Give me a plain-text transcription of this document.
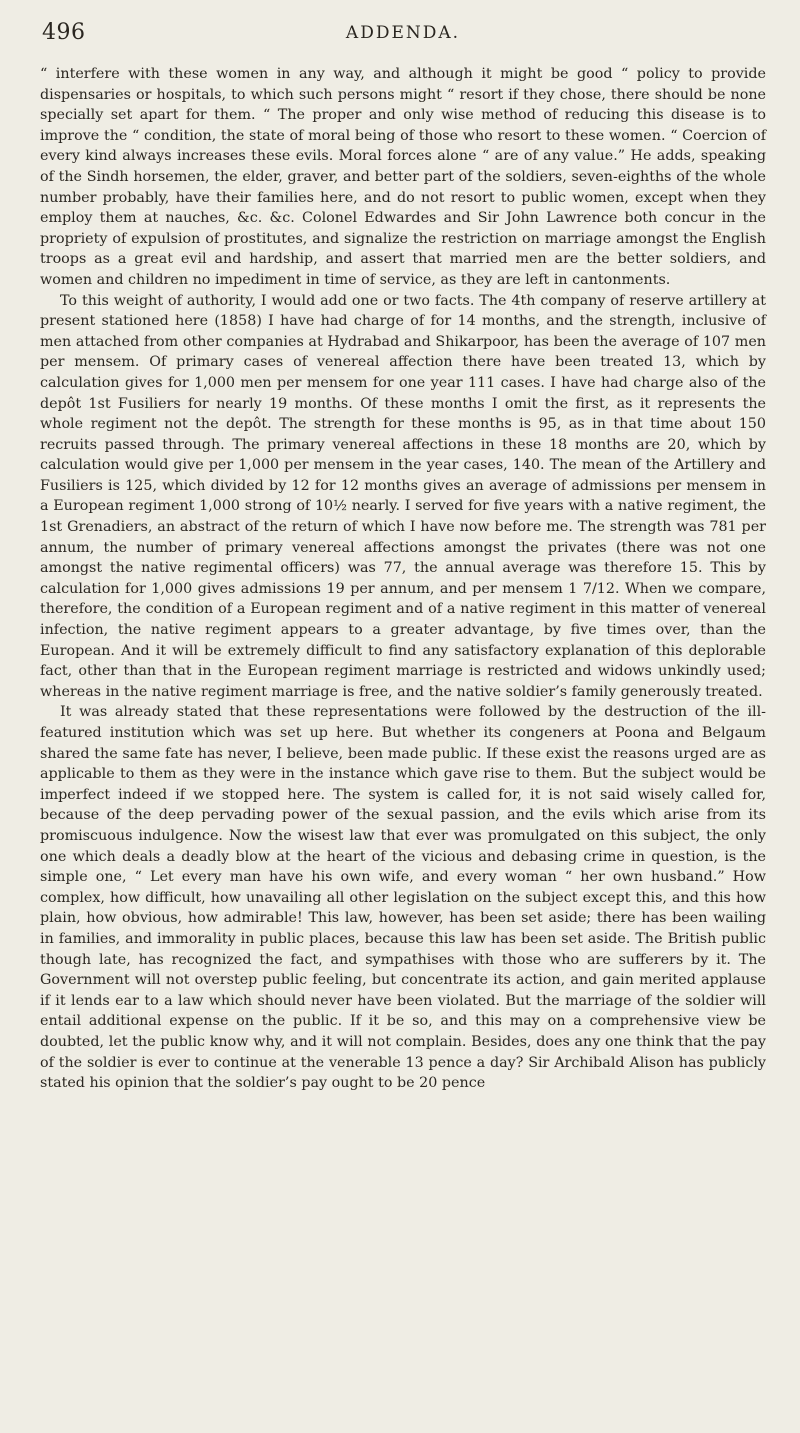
496	ADDENDA.

“ interfere with these women in any way, and although it might be good “ policy to provide dispensaries or hospitals, to which such persons might “ resort if they chose, there should be none specially set apart for them. “ The proper and only wise method of reducing this disease is to improve the “ condition, the state of moral being of those who resort to these women. “ Coercion of every kind always increases these evils. Moral forces alone “ are of any value.” He adds, speaking of the Sindh horsemen, the elder, graver, and better part of the soldiers, seven-eighths of the whole number probably, have their families here, and do not resort to public women, except when they employ them at nauches, &c. &c. Colonel Edwardes and Sir John Lawrence both concur in the propriety of expulsion of prostitutes, and signalize the restriction on marriage amongst the English troops as a great evil and hardship, and assert that married men are the better soldiers, and women and children no impediment in time of service, as they are left in cantonments.

To this weight of authority, I would add one or two facts. The 4th company of reserve artillery at present stationed here (1858) I have had charge of for 14 months, and the strength, inclusive of men attached from other companies at Hydrabad and Shikarpoor, has been the average of 107 men per mensem. Of primary cases of venereal affection there have been treated 13, which by calculation gives for 1,000 men per mensem for one year 111 cases. I have had charge also of the depôt 1st Fusiliers for nearly 19 months. Of these months I omit the first, as it represents the whole regiment not the depôt. The strength for these months is 95, as in that time about 150 recruits passed through. The primary venereal affections in these 18 months are 20, which by calculation would give per 1,000 per mensem in the year cases, 140. The mean of the Artillery and Fusiliers is 125, which divided by 12 for 12 months gives an average of admissions per mensem in a European regiment 1,000 strong of 10½ nearly. I served for five years with a native regiment, the 1st Grenadiers, an abstract of the return of which I have now before me. The strength was 781 per annum, the number of primary venereal affections amongst the privates (there was not one amongst the native regimental officers) was 77, the annual average was therefore 15. This by calculation for 1,000 gives admissions 19 per annum, and per mensem 1 7/12. When we compare, therefore, the condition of a European regiment and of a native regiment in this matter of venereal infection, the native regiment appears to a greater advantage, by five times over, than the European. And it will be extremely difficult to find any satisfactory explanation of this deplorable fact, other than that in the European regiment marriage is restricted and widows unkindly used; whereas in the native regiment marriage is free, and the native soldier’s family generously treated.

It was already stated that these representations were followed by the destruction of the ill-featured institution which was set up here. But whether its congeners at Poona and Belgaum shared the same fate has never, I believe, been made public. If these exist the reasons urged are as applicable to them as they were in the instance which gave rise to them. But the subject would be imperfect indeed if we stopped here. The system is called for, it is not said wisely called for, because of the deep pervading power of the sexual passion, and the evils which arise from its promiscuous indulgence. Now the wisest law that ever was promulgated on this subject, the only one which deals a deadly blow at the heart of the vicious and debasing crime in question, is the simple one, “ Let every man have his own wife, and every woman “ her own husband.” How complex, how difficult, how unavailing all other legislation on the subject except this, and this how plain, how obvious, how admirable! This law, however, has been set aside; there has been wailing in families, and immorality in public places, because this law has been set aside. The British public though late, has recognized the fact, and sympathises with those who are sufferers by it. The Government will not overstep public feeling, but concentrate its action, and gain merited applause if it lends ear to a law which should never have been violated. But the marriage of the soldier will entail additional expense on the public. If it be so, and this may on a comprehensive view be doubted, let the public know why, and it will not complain. Besides, does any one think that the pay of the soldier is ever to continue at the venerable 13 pence a day? Sir Archibald Alison has publicly stated his opinion that the soldier’s pay ought to be 20 pence
